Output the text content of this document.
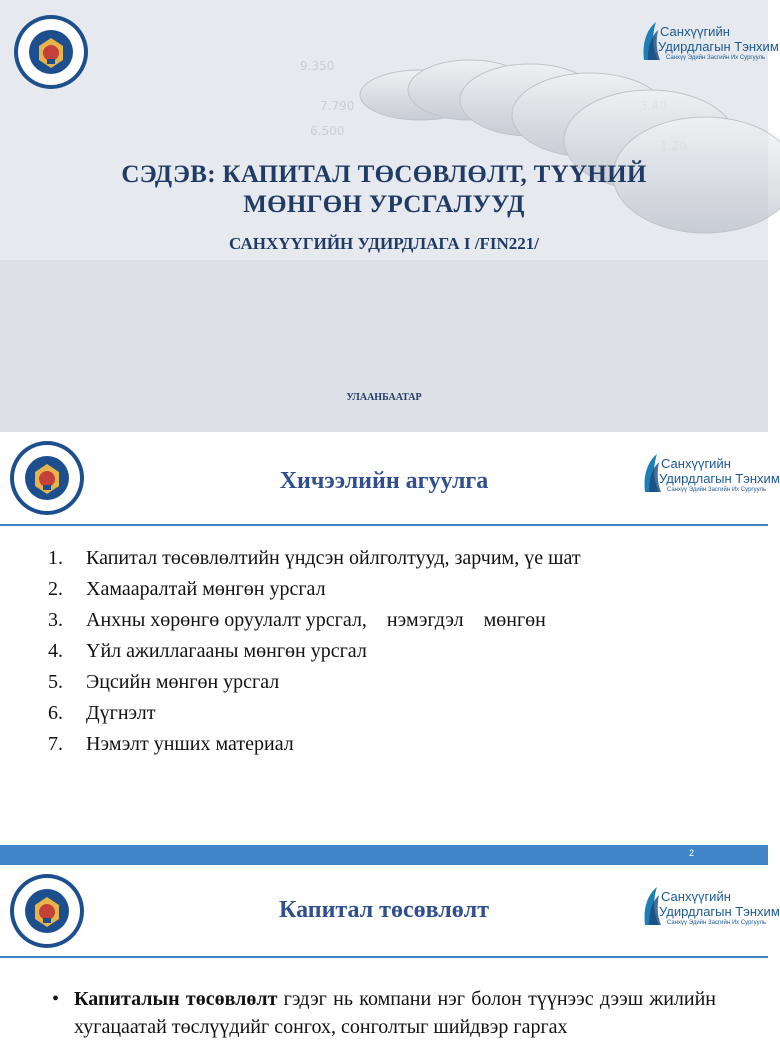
9.350
7.790
6.500
Санхүүгийн
Удирдлагын Тэнхим
Санхүү Эдийн Засгийн Их Сургууль
СЭДЭВ: КАПИТАЛ ТӨСӨВЛӨЛТ, ТҮҮНИЙ
МӨНГӨН УРСГАЛУУД
САНХҮҮГИЙН УДИРДЛАГА I /FIN221/
УЛААНБААТАР
Санхүүгийн
Удирдлагын Тэнхим
Санхүү Эдийн Засгийн Их Сургууль
Хичээлийн агуулга
1. Капитал төсөвлөлтийн үндсэн ойлголтууд, зарчим, үе шат
2. Хамааралтай мөнгөн урсгал
3. Анхны хөрөнгө оруулалт урсгал,    нэмэгдэл    мөнгөн
4. Үйл ажиллагааны мөнгөн урсгал
5. Эцсийн мөнгөн урсгал
6. Дүгнэлт
7. Нэмэлт унших материал
2
Санхүүгийн
Удирдлагын Тэнхим
Санхүү Эдийн Засгийн Их Сургууль
Капитал төсөвлөлт
• Капиталын төсөвлөлт гэдэг нь компани нэг болон түүнээс дээш жилийн хугацаатай төслүүдийг сонгох, сонголтыг шийдвэр гаргах
